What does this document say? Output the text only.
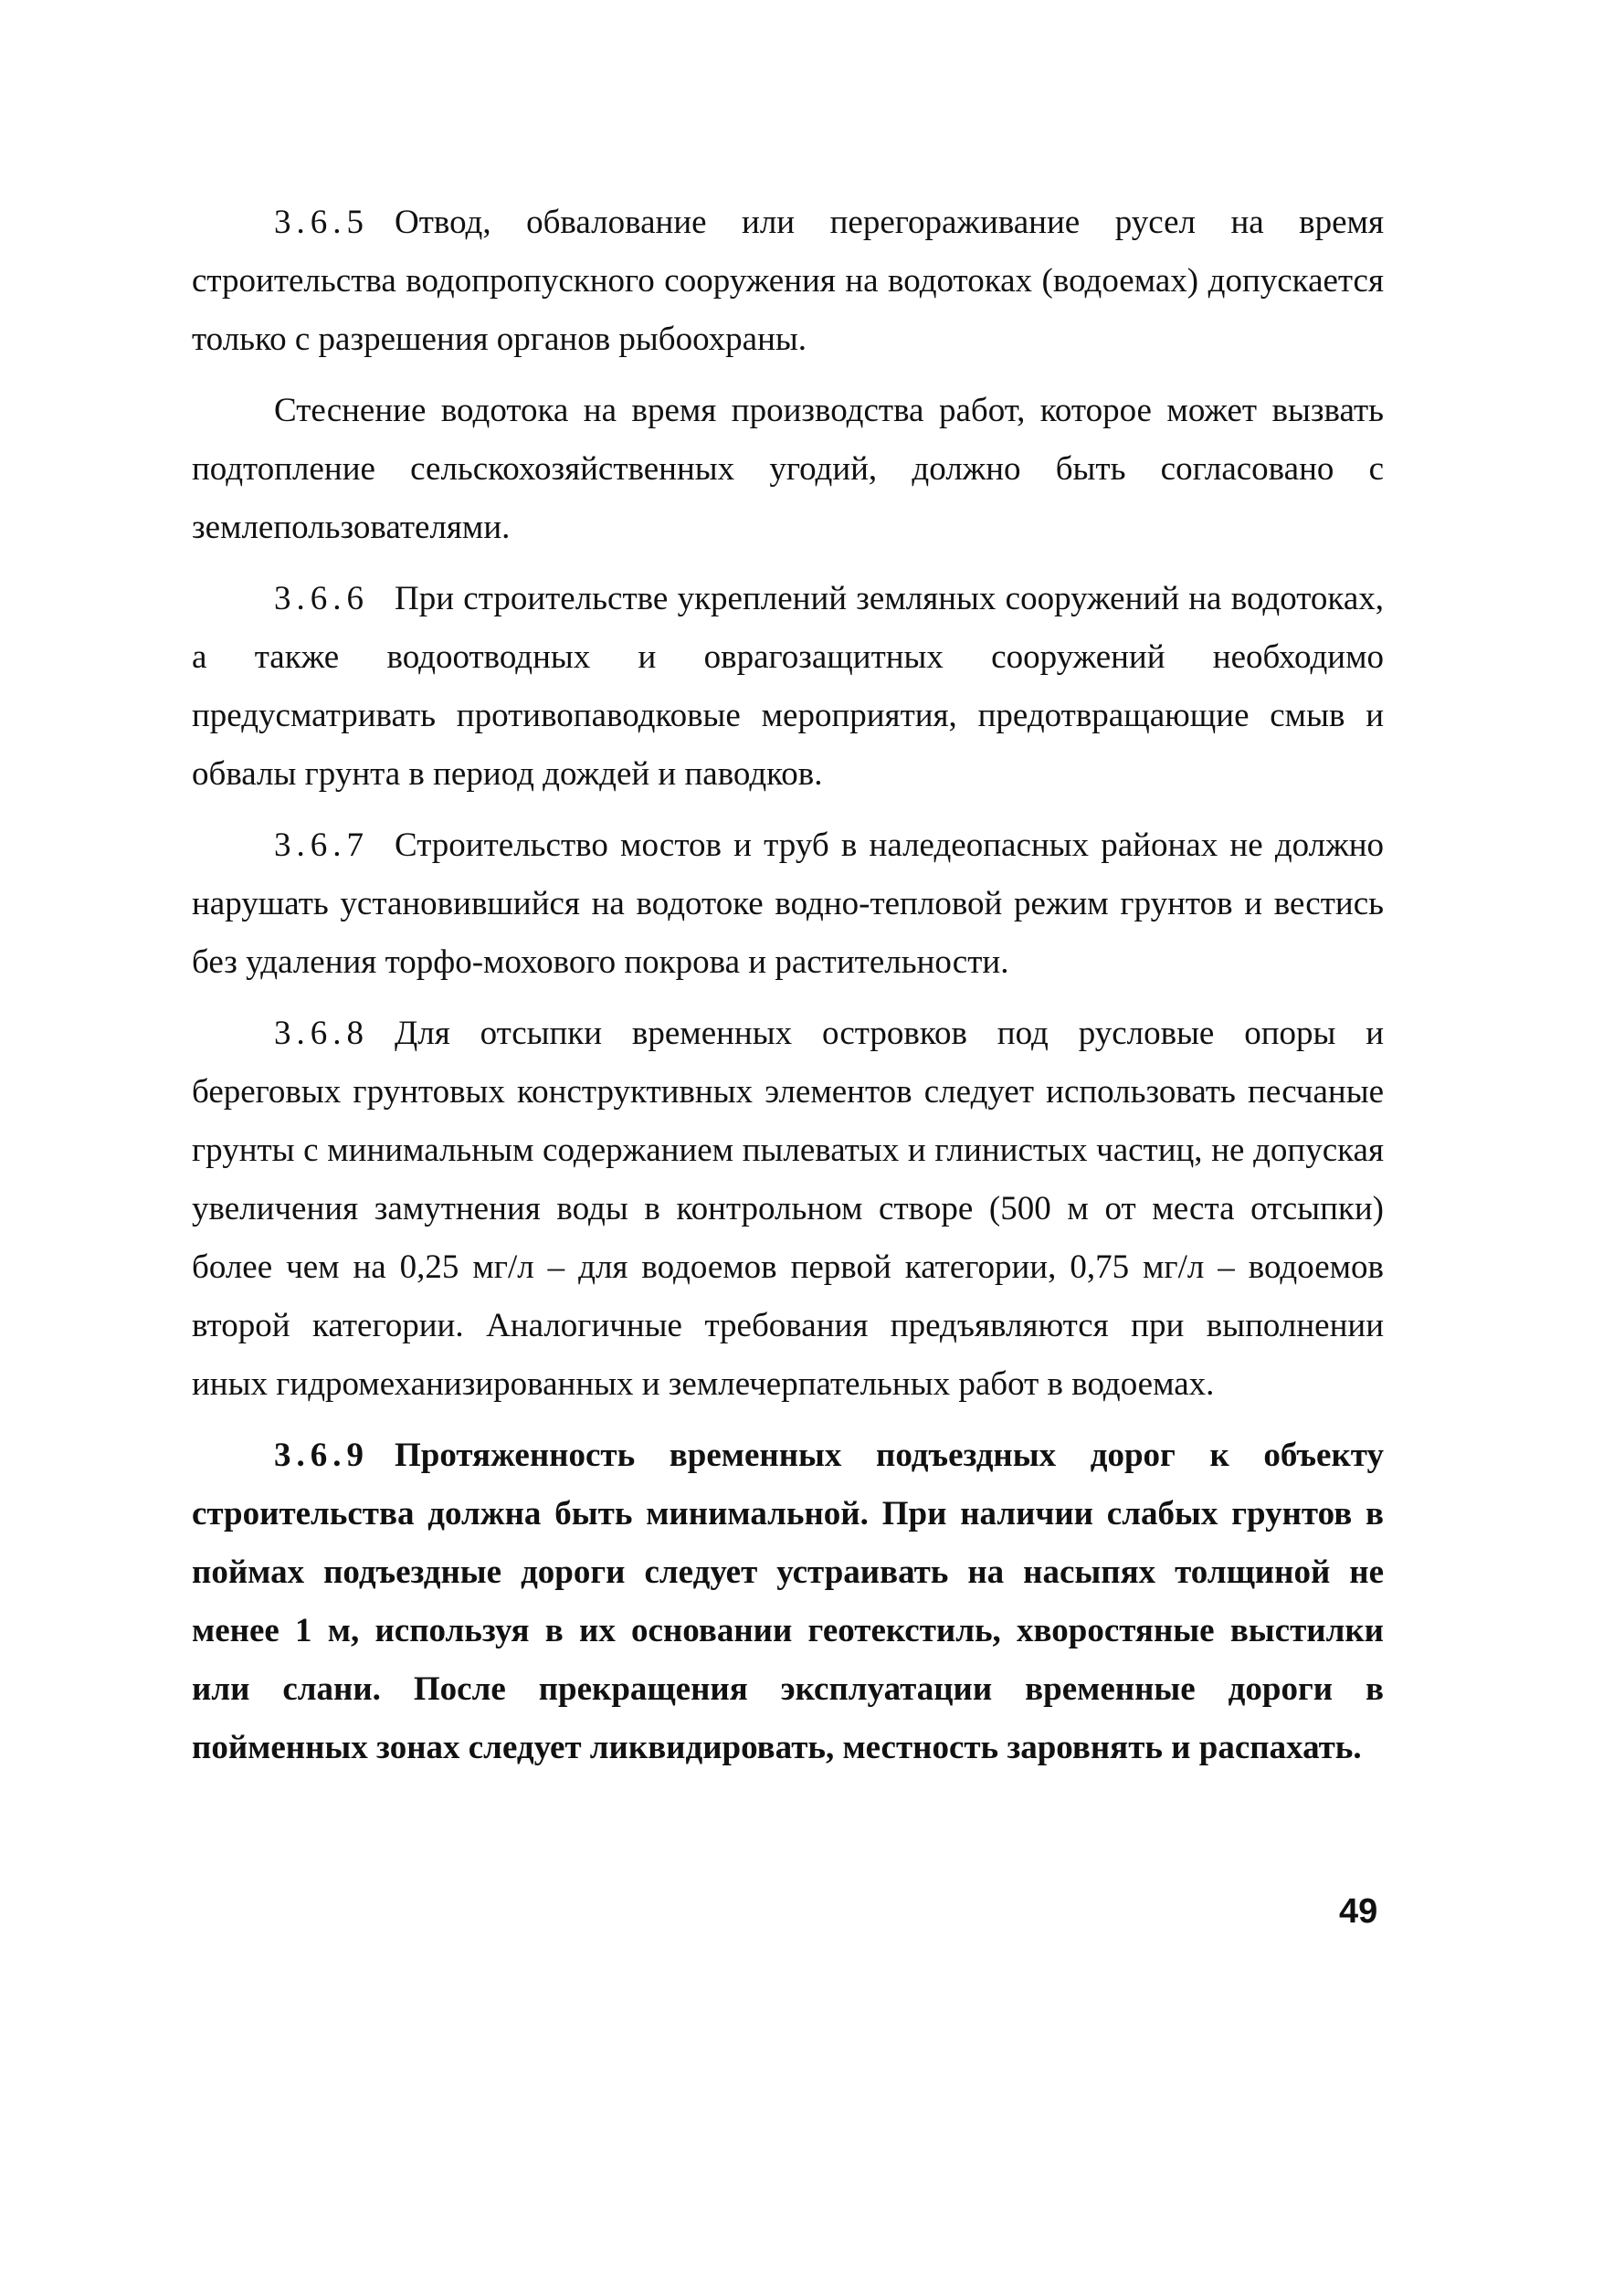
3.6.5 Отвод, обвалование или перегораживание русел на время строительства водопропускного сооружения на водотоках (водоемах) допускается только с разрешения органов рыбоохраны.

Стеснение водотока на время производства работ, которое может вызвать подтопление сельскохозяйственных угодий, должно быть согласовано с землепользователями.

3.6.6 При строительстве укреплений земляных сооружений на водотоках, а также водоотводных и оврагозащитных сооружений необходимо предусматривать противопаводковые мероприятия, предотвращающие смыв и обвалы грунта в период дождей и паводков.

3.6.7 Строительство мостов и труб в наледеопасных районах не должно нарушать установившийся на водотоке водно-тепловой режим грунтов и вестись без удаления торфо-мохового покрова и растительности.

3.6.8 Для отсыпки временных островков под русловые опоры и береговых грунтовых конструктивных элементов следует использовать песчаные грунты с минимальным содержанием пылеватых и глинистых частиц, не допуская увеличения замутнения воды в контрольном створе (500 м от места отсыпки) более чем на 0,25 мг/л – для водоемов первой категории, 0,75 мг/л – водоемов второй категории. Аналогичные требования предъявляются при выполнении иных гидромеханизированных и землечерпательных работ в водоемах.

3.6.9 Протяженность временных подъездных дорог к объекту строительства должна быть минимальной. При наличии слабых грунтов в поймах подъездные дороги следует устраивать на насыпях толщиной не менее 1 м, используя в их основании геотекстиль, хворостяные выстилки или слани. После прекращения эксплуатации временные дороги в пойменных зонах следует ликвидировать, местность заровнять и распахать.

49
